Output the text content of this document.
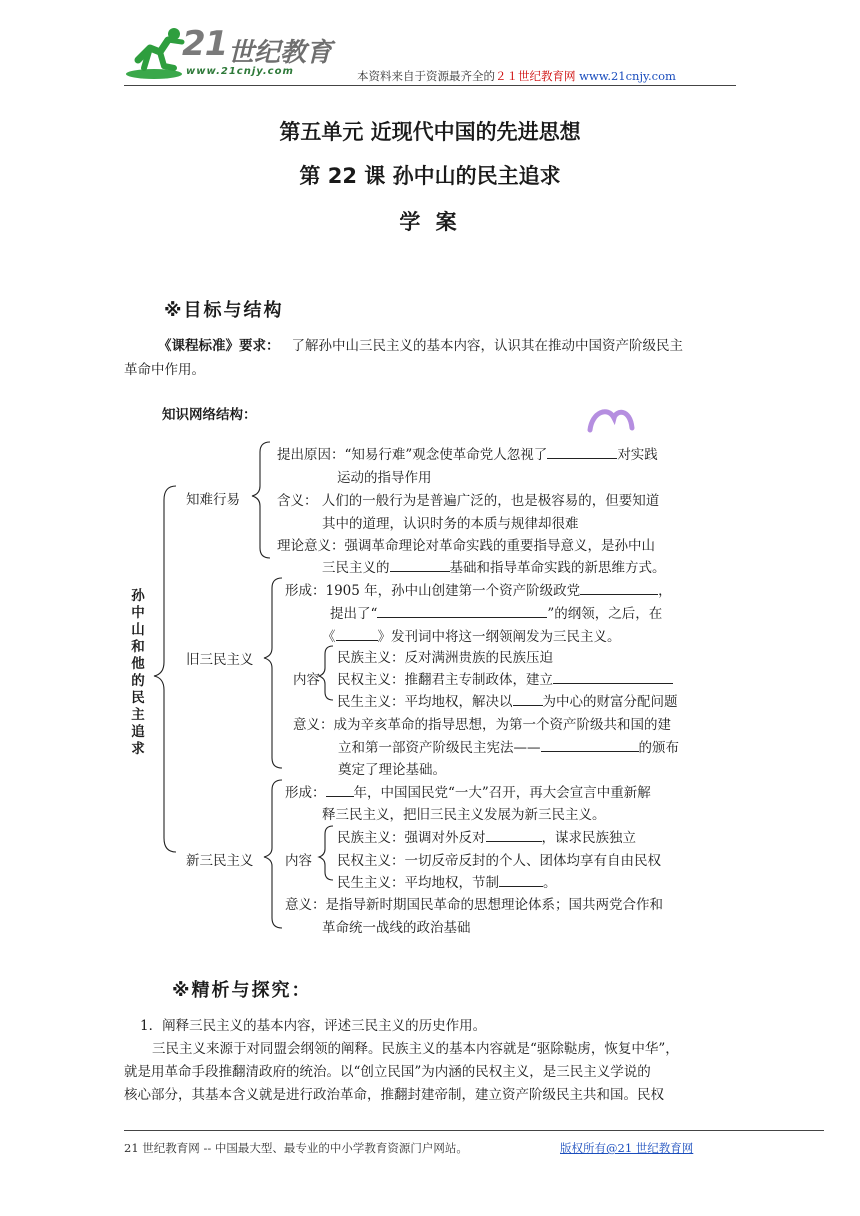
21 世纪教育
www.21cnjy.com	本资料来自于资源最齐全的２１世纪教育网 www.21cnjy.com
第五单元 近现代中国的先进思想
第 22 课 孙中山的民主追求
学 案
※目标与结构
《课程标准》要求： 了解孙中山三民主义的基本内容，认识其在推动中国资产阶级民主
革命中作用。
知识网络结构：
孙中山和他的民主追求
知难行易
提出原因：“知易行难”观念使革命党人忽视了	对实践
运动的指导作用
含义： 人们的一般行为是普遍广泛的，也是极容易的，但要知道
其中的道理，认识时务的本质与规律却很难
理论意义：强调革命理论对革命实践的重要指导意义，是孙中山
三民主义的	基础和指导革命实践的新思维方式。
旧三民主义
形成：1905 年，孙中山创建第一个资产阶级政党	，
提出了“	”的纲领，之后，在
《	》发刊词中将这一纲领阐发为三民主义。
内容
民族主义：反对满洲贵族的民族压迫
民权主义：推翻君主专制政体，建立
民生主义：平均地权，解决以 为中心的财富分配问题
意义：成为辛亥革命的指导思想，为第一个资产阶级共和国的建
立和第一部资产阶级民主宪法——	的颁布
奠定了理论基础。
新三民主义
形成： 年，中国国民党“一大”召开，再大会宣言中重新解
释三民主义，把旧三民主义发展为新三民主义。
内容
民族主义：强调对外反对	，谋求民族独立
民权主义：一切反帝反封的个人、团体均享有自由民权
民生主义：平均地权，节制	。
意义：是指导新时期国民革命的思想理论体系；国共两党合作和
革命统一战线的政治基础
※精析与探究：
1．阐释三民主义的基本内容，评述三民主义的历史作用。
三民主义来源于对同盟会纲领的阐释。民族主义的基本内容就是“驱除鞑虏，恢复中华”，
就是用革命手段推翻清政府的统治。以“创立民国”为内涵的民权主义，是三民主义学说的
核心部分，其基本含义就是进行政治革命，推翻封建帝制，建立资产阶级民主共和国。民权
21 世纪教育网 -- 中国最大型、最专业的中小学教育资源门户网站。	版权所有@21 世纪教育网
